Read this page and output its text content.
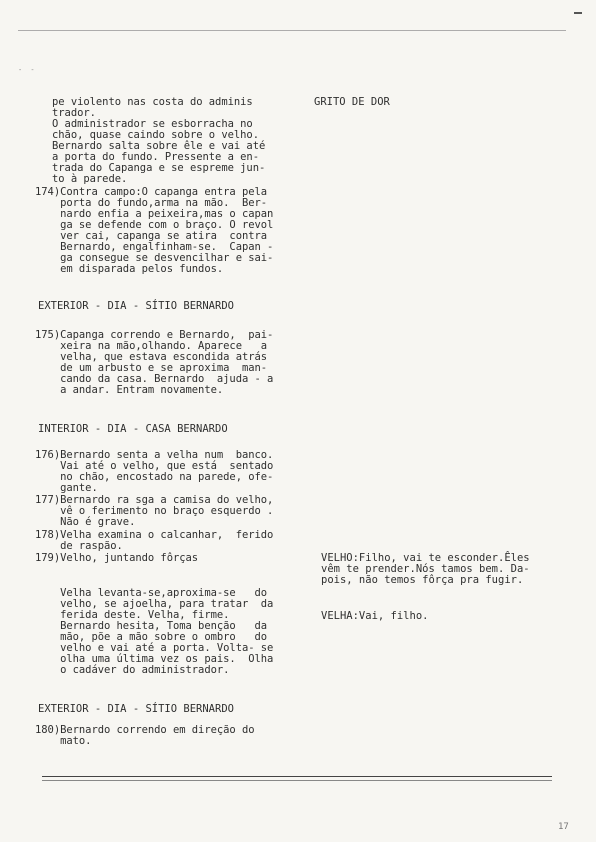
- -
pe violento nas costa do adminis
trador.
O administrador se esborracha no
chão, quase caindo sobre o velho.
Bernardo salta sobre êle e vai até
a porta do fundo. Pressente a en-
trada do Capanga e se espreme jun-
to à parede.
174)Contra campo:O capanga entra pela
porta do fundo,arma na mão.  Ber-
nardo enfia a peixeira,mas o capan
ga se defende com o braço. O revol
ver cai, capanga se atira  contra
Bernardo, engalfinham-se.  Capan -
ga consegue se desvencilhar e sai-
em disparada pelos fundos.
EXTERIOR - DIA - SÍTIO BERNARDO
175)Capanga correndo e Bernardo,  pai-
xeira na mão,olhando. Aparece   a
velha, que estava escondida atrás
de um arbusto e se aproxima  man-
cando da casa. Bernardo  ajuda - a
a andar. Entram novamente.
INTERIOR - DIA - CASA BERNARDO
176)Bernardo senta a velha num  banco.
Vai até o velho, que está  sentado
no chão, encostado na parede, ofe-
gante.
177)Bernardo ra sga a camisa do velho,
vê o ferimento no braço esquerdo .
Não é grave.
178)Velha examina o calcanhar,  ferido
de raspão.
179)Velho, juntando fôrças
Velha levanta-se,aproxima-se   do
velho, se ajoelha, para tratar  da
ferida deste. Velha, firme.
Bernardo hesita, Toma benção   da
mão, põe a mão sobre o ombro   do
velho e vai até a porta. Volta- se
olha uma última vez os pais.  Olha
o cadáver do administrador.
EXTERIOR - DIA - SÍTIO BERNARDO
180)Bernardo correndo em direção do
mato.
GRITO DE DOR
VELHO:Filho, vai te esconder.Êles
vêm te prender.Nós tamos bem. Da-
pois, não temos fôrça pra fugir.
VELHA:Vai, filho.
17
